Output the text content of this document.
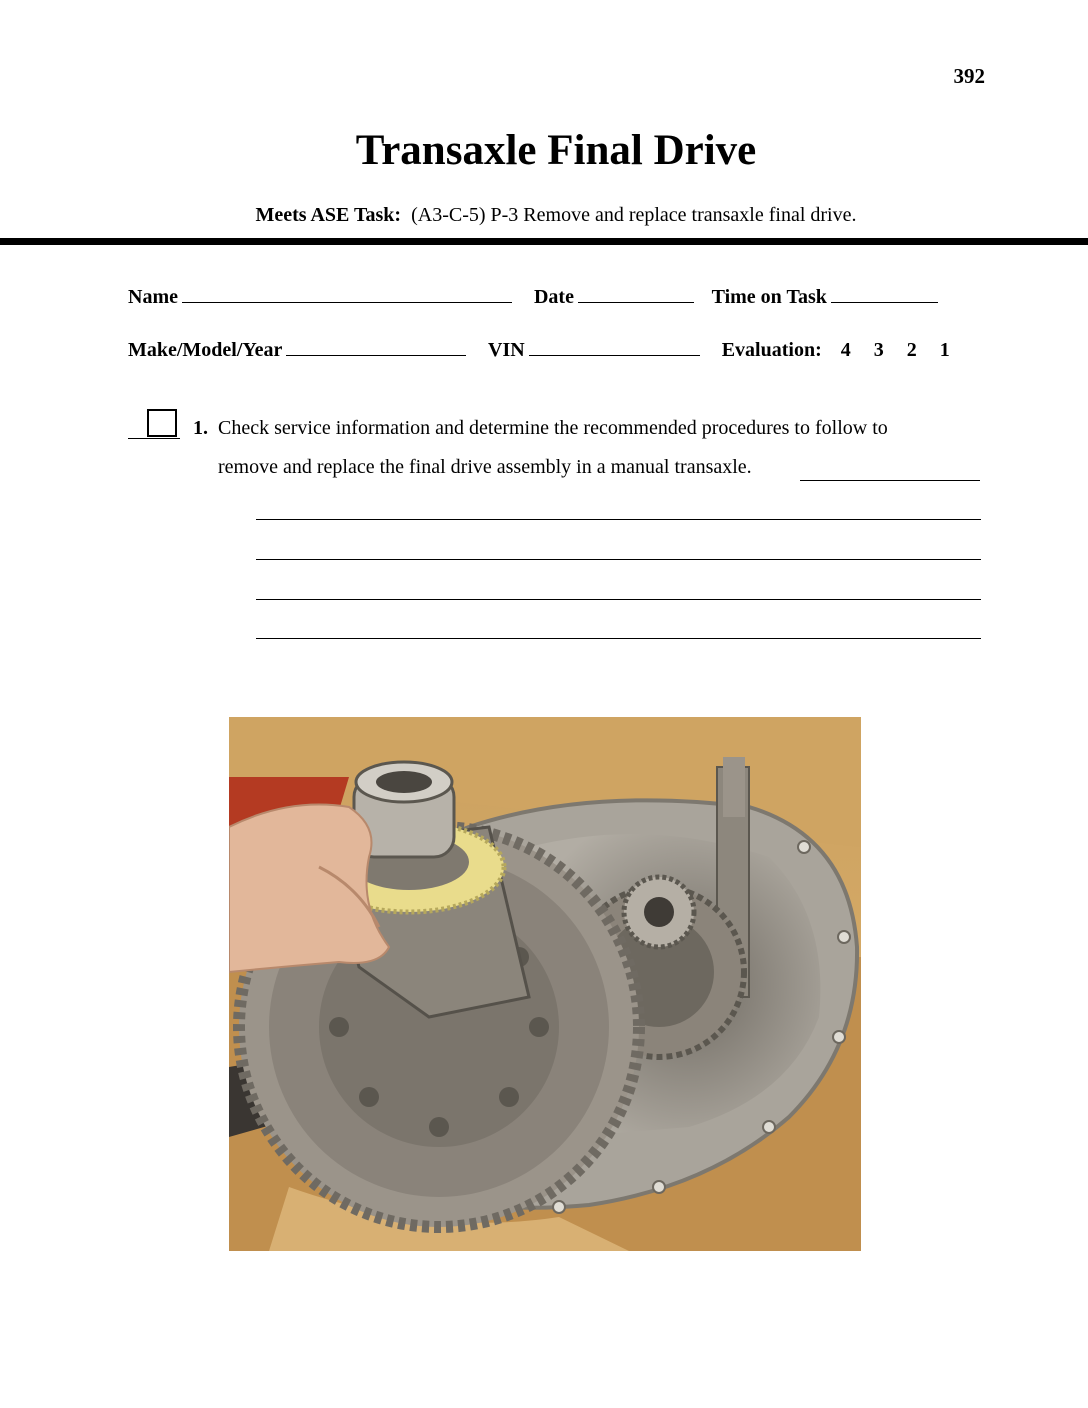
392
Transaxle Final Drive
Meets ASE Task: (A3-C-5) P-3 Remove and replace transaxle final drive.
Name	Date	Time on Task
Make/Model/Year	VIN	Evaluation: 4 3 2 1
1. Check service information and determine the recommended procedures to follow to
remove and replace the final drive assembly in a manual transaxle.
